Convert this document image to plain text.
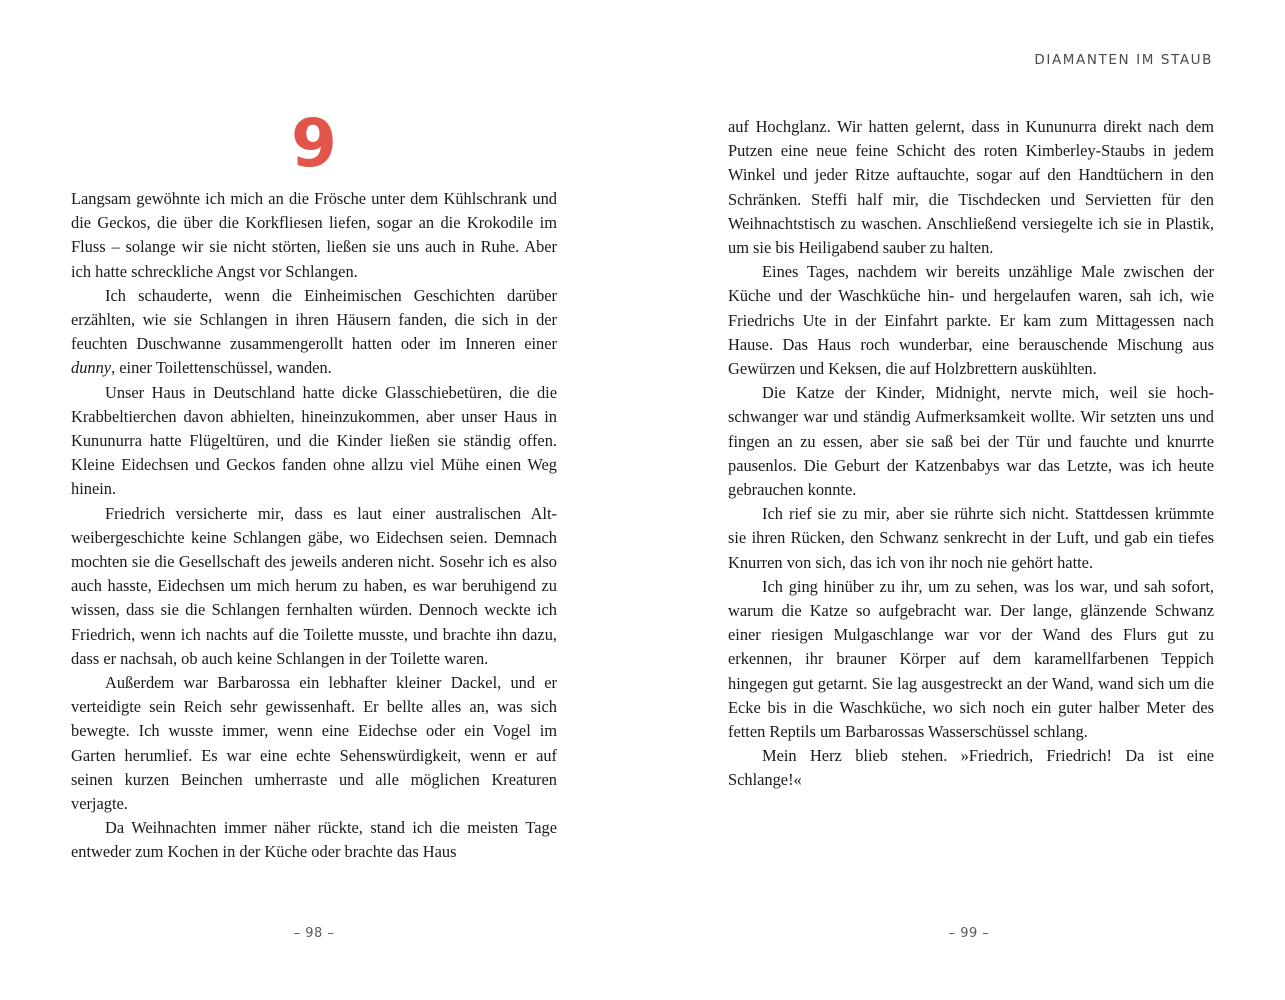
9

Langsam gewöhnte ich mich an die Frösche unter dem Kühlschrank und die Geckos, die über die Korkfliesen liefen, sogar an die Krokodile im Fluss – solange wir sie nicht störten, ließen sie uns auch in Ruhe. Aber ich hatte schreckliche Angst vor Schlangen.

Ich schauderte, wenn die Einheimischen Geschichten darüber erzählten, wie sie Schlangen in ihren Häusern fanden, die sich in der feuchten Duschwanne zusammengerollt hatten oder im Inneren einer dunny, einer Toilettenschüssel, wanden.

Unser Haus in Deutschland hatte dicke Glasschiebetüren, die die Krabbeltierchen davon abhielten, hineinzukommen, aber unser Haus in Kununurra hatte Flügeltüren, und die Kinder ließen sie ständig offen. Kleine Eidechsen und Geckos fanden ohne allzu viel Mühe einen Weg hinein.

Friedrich versicherte mir, dass es laut einer australischen Altweibergeschichte keine Schlangen gäbe, wo Eidechsen seien. Demnach mochten sie die Gesellschaft des jeweils anderen nicht. Sosehr ich es also auch hasste, Eidechsen um mich herum zu haben, es war beruhigend zu wissen, dass sie die Schlangen fernhalten würden. Dennoch weckte ich Friedrich, wenn ich nachts auf die Toilette musste, und brachte ihn dazu, dass er nachsah, ob auch keine Schlangen in der Toilette waren.

Außerdem war Barbarossa ein lebhafter kleiner Dackel, und er verteidigte sein Reich sehr gewissenhaft. Er bellte alles an, was sich bewegte. Ich wusste immer, wenn eine Eidechse oder ein Vogel im Garten herumlief. Es war eine echte Sehenswürdigkeit, wenn er auf seinen kurzen Beinchen umherraste und alle möglichen Kreaturen verjagte.

Da Weihnachten immer näher rückte, stand ich die meisten Tage entweder zum Kochen in der Küche oder brachte das Haus

– 98 –
DIAMANTEN IM STAUB

auf Hochglanz. Wir hatten gelernt, dass in Kununurra direkt nach dem Putzen eine neue feine Schicht des roten Kimberley-Staubs in jedem Winkel und jeder Ritze auftauchte, sogar auf den Handtüchern in den Schränken. Steffi half mir, die Tischdecken und Servietten für den Weihnachtstisch zu waschen. Anschließend versiegelte ich sie in Plastik, um sie bis Heiligabend sauber zu halten.

Eines Tages, nachdem wir bereits unzählige Male zwischen der Küche und der Waschküche hin- und hergelaufen waren, sah ich, wie Friedrichs Ute in der Einfahrt parkte. Er kam zum Mittagessen nach Hause. Das Haus roch wunderbar, eine berauschende Mischung aus Gewürzen und Keksen, die auf Holzbrettern auskühlten.

Die Katze der Kinder, Midnight, nervte mich, weil sie hochschwanger war und ständig Aufmerksamkeit wollte. Wir setzten uns und fingen an zu essen, aber sie saß bei der Tür und fauchte und knurrte pausenlos. Die Geburt der Katzenbabys war das Letzte, was ich heute gebrauchen konnte.

Ich rief sie zu mir, aber sie rührte sich nicht. Stattdessen krümmte sie ihren Rücken, den Schwanz senkrecht in der Luft, und gab ein tiefes Knurren von sich, das ich von ihr noch nie gehört hatte.

Ich ging hinüber zu ihr, um zu sehen, was los war, und sah sofort, warum die Katze so aufgebracht war. Der lange, glänzende Schwanz einer riesigen Mulgaschlange war vor der Wand des Flurs gut zu erkennen, ihr brauner Körper auf dem karamellfarbenen Teppich hingegen gut getarnt. Sie lag ausgestreckt an der Wand, wand sich um die Ecke bis in die Waschküche, wo sich noch ein guter halber Meter des fetten Reptils um Barbarossas Wasserschüssel schlang.

Mein Herz blieb stehen. »Friedrich, Friedrich! Da ist eine Schlange!«

– 99 –
